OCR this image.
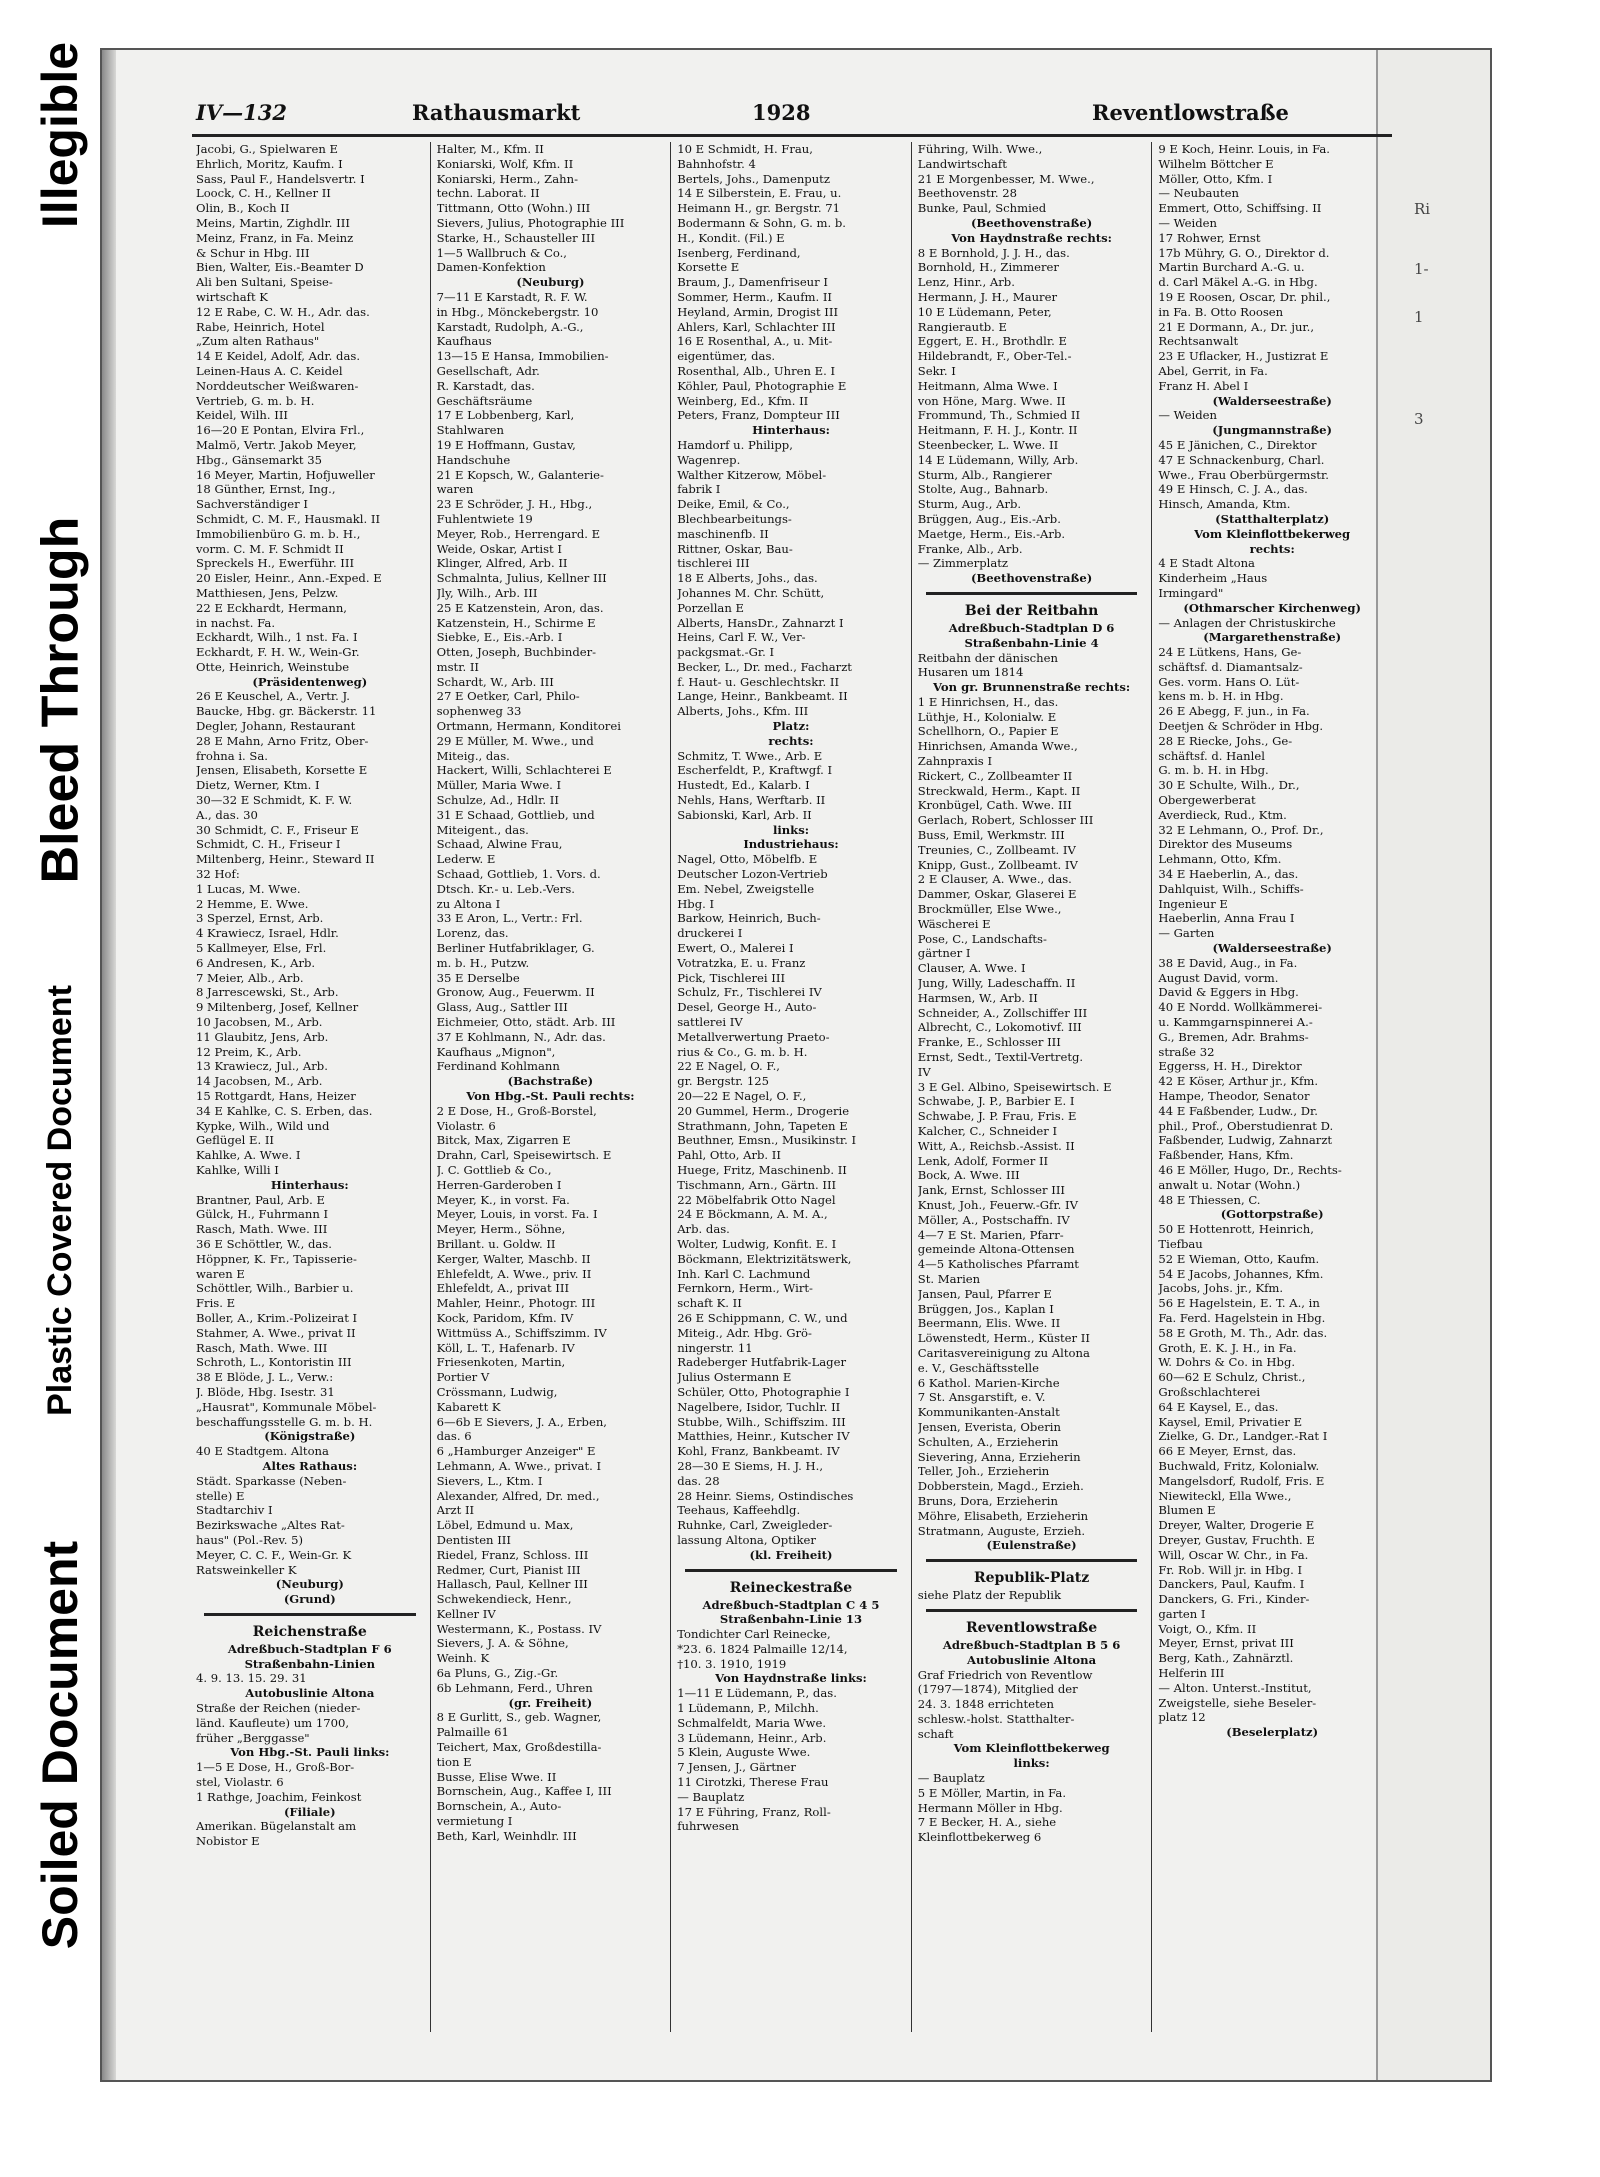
Illegible
Bleed Through
Plastic Covered Document
Soiled Document
Ri
1-
1
3
IV—132	Rathausmarkt	1928	Reventlowstraße
Jacobi, G., Spielwaren E
Ehrlich, Moritz, Kaufm. I
Sass, Paul F., Handelsvertr. I
Loock, C. H., Kellner II
Olin, B., Koch II
Meins, Martin, Zighdlr. III
Meinz, Franz, in Fa. Meinz
& Schur in Hbg. III
Bien, Walter, Eis.-Beamter D
Ali ben Sultani, Speise-
wirtschaft K
12 E Rabe, C. W. H., Adr. das.
Rabe, Heinrich, Hotel
„Zum alten Rathaus"
14 E Keidel, Adolf, Adr. das.
Leinen-Haus A. C. Keidel
Norddeutscher Weißwaren-
Vertrieb, G. m. b. H.
Keidel, Wilh. III
16—20 E Pontan, Elvira Frl.,
Malmö, Vertr. Jakob Meyer,
Hbg., Gänsemarkt 35
16 Meyer, Martin, Hofjuweller
18 Günther, Ernst, Ing.,
Sachverständiger I
Schmidt, C. M. F., Hausmakl. II
Immobilienbüro G. m. b. H.,
vorm. C. M. F. Schmidt II
Spreckels H., Ewerführ. III
20 Eisler, Heinr., Ann.-Exped. E
Matthiesen, Jens, Pelzw.
22 E Eckhardt, Hermann,
in nachst. Fa.
Eckhardt, Wilh., 1 nst. Fa. I
Eckhardt, F. H. W., Wein-Gr.
Otte, Heinrich, Weinstube
(Präsidentenweg)
26 E Keuschel, A., Vertr. J.
Baucke, Hbg. gr. Bäckerstr. 11
Degler, Johann, Restaurant
28 E Mahn, Arno Fritz, Ober-
frohna i. Sa.
Jensen, Elisabeth, Korsette E
Dietz, Werner, Ktm. I
30—32 E Schmidt, K. F. W.
A., das. 30
30 Schmidt, C. F., Friseur E
Schmidt, C. H., Friseur I
Miltenberg, Heinr., Steward II
32 Hof:
1 Lucas, M. Wwe.
2 Hemme, E. Wwe.
3 Sperzel, Ernst, Arb.
4 Krawiecz, Israel, Hdlr.
5 Kallmeyer, Else, Frl.
6 Andresen, K., Arb.
7 Meier, Alb., Arb.
8 Jarrescewski, St., Arb.
9 Miltenberg, Josef, Kellner
10 Jacobsen, M., Arb.
11 Glaubitz, Jens, Arb.
12 Preim, K., Arb.
13 Krawiecz, Jul., Arb.
14 Jacobsen, M., Arb.
15 Rottgardt, Hans, Heizer
34 E Kahlke, C. S. Erben, das.
Kypke, Wilh., Wild und
Geflügel E. II
Kahlke, A. Wwe. I
Kahlke, Willi I
Hinterhaus:
Brantner, Paul, Arb. E
Gülck, H., Fuhrmann I
Rasch, Math. Wwe. III
36 E Schöttler, W., das.
Höppner, K. Fr., Tapisserie-
waren E
Schöttler, Wilh., Barbier u.
Fris. E
Boller, A., Krim.-Polizeirat I
Stahmer, A. Wwe., privat II
Rasch, Math. Wwe. III
Schroth, L., Kontoristin III
38 E Blöde, J. L., Verw.:
J. Blöde, Hbg. Isestr. 31
„Hausrat", Kommunale Möbel-
beschaffungsstelle G. m. b. H.
(Königstraße)
40 E Stadtgem. Altona
Altes Rathaus:
Städt. Sparkasse (Neben-
stelle) E
Stadtarchiv I
Bezirkswache „Altes Rat-
haus" (Pol.-Rev. 5)
Meyer, C. C. F., Wein-Gr. K
Ratsweinkeller K
(Neuburg)
(Grund)
Reichenstraße
Adreßbuch-Stadtplan F 6
Straßenbahn-Linien
4. 9. 13. 15. 29. 31
Autobuslinie Altona
Straße der Reichen (nieder-
länd. Kaufleute) um 1700,
früher „Berggasse"
Von Hbg.-St. Pauli links:
1—5 E Dose, H., Groß-Bor-
stel, Violastr. 6
1 Rathge, Joachim, Feinkost
(Filiale)
Amerikan. Bügelanstalt am
Nobistor E
Halter, M., Kfm. II
Koniarski, Wolf, Kfm. II
Koniarski, Herm., Zahn-
techn. Laborat. II
Tittmann, Otto (Wohn.) III
Sievers, Julius, Photographie III
Starke, H., Schausteller III
1—5 Wallbruch & Co.,
Damen-Konfektion
(Neuburg)
7—11 E Karstadt, R. F. W.
in Hbg., Mönckebergstr. 10
Karstadt, Rudolph, A.-G.,
Kaufhaus
13—15 E Hansa, Immobilien-
Gesellschaft, Adr.
R. Karstadt, das.
Geschäftsräume
17 E Lobbenberg, Karl,
Stahlwaren
19 E Hoffmann, Gustav,
Handschuhe
21 E Kopsch, W., Galanterie-
waren
23 E Schröder, J. H., Hbg.,
Fuhlentwiete 19
Meyer, Rob., Herrengard. E
Weide, Oskar, Artist I
Klinger, Alfred, Arb. II
Schmalnta, Julius, Kellner III
Jly, Wilh., Arb. III
25 E Katzenstein, Aron, das.
Katzenstein, H., Schirme E
Siebke, E., Eis.-Arb. I
Otten, Joseph, Buchbinder-
mstr. II
Schardt, W., Arb. III
27 E Oetker, Carl, Philo-
sophenweg 33
Ortmann, Hermann, Konditorei
29 E Müller, M. Wwe., und
Miteig., das.
Hackert, Willi, Schlachterei E
Müller, Maria Wwe. I
Schulze, Ad., Hdlr. II
31 E Schaad, Gottlieb, und
Miteigent., das.
Schaad, Alwine Frau,
Lederw. E
Schaad, Gottlieb, 1. Vors. d.
Dtsch. Kr.- u. Leb.-Vers.
zu Altona I
33 E Aron, L., Vertr.: Frl.
Lorenz, das.
Berliner Hutfabriklager, G.
m. b. H., Putzw.
35 E Derselbe
Gronow, Aug., Feuerwm. II
Glass, Aug., Sattler III
Eichmeier, Otto, städt. Arb. III
37 E Kohlmann, N., Adr. das.
Kaufhaus „Mignon",
Ferdinand Kohlmann
(Bachstraße)
Von Hbg.-St. Pauli rechts:
2 E Dose, H., Groß-Borstel,
Violastr. 6
Bitck, Max, Zigarren E
Drahn, Carl, Speisewirtsch. E
J. C. Gottlieb & Co.,
Herren-Garderoben I
Meyer, K., in vorst. Fa.
Meyer, Louis, in vorst. Fa. I
Meyer, Herm., Söhne,
Brillant. u. Goldw. II
Kerger, Walter, Maschb. II
Ehlefeldt, A. Wwe., priv. II
Ehlefeldt, A., privat III
Mahler, Heinr., Photogr. III
Kock, Paridom, Kfm. IV
Wittmüss A., Schiffszimm. IV
Köll, L. T., Hafenarb. IV
Friesenkoten, Martin,
Portier V
Crössmann, Ludwig,
Kabarett K
6—6b E Sievers, J. A., Erben,
das. 6
6 „Hamburger Anzeiger" E
Lehmann, A. Wwe., privat. I
Sievers, L., Ktm. I
Alexander, Alfred, Dr. med.,
Arzt II
Löbel, Edmund u. Max,
Dentisten III
Riedel, Franz, Schloss. III
Redmer, Curt, Pianist III
Hallasch, Paul, Kellner III
Schwekendieck, Henr.,
Kellner IV
Westermann, K., Postass. IV
Sievers, J. A. & Söhne,
Weinh. K
6a Pluns, G., Zig.-Gr.
6b Lehmann, Ferd., Uhren
(gr. Freiheit)
8 E Gurlitt, S., geb. Wagner,
Palmaille 61
Teichert, Max, Großdestilla-
tion E
Busse, Elise Wwe. II
Bornschein, Aug., Kaffee I, III
Bornschein, A., Auto-
vermietung I
Beth, Karl, Weinhdlr. III
10 E Schmidt, H. Frau,
Bahnhofstr. 4
Bertels, Johs., Damenputz
14 E Silberstein, E. Frau, u.
Heimann H., gr. Bergstr. 71
Bodermann & Sohn, G. m. b.
H., Kondit. (Fil.) E
Isenberg, Ferdinand,
Korsette E
Braum, J., Damenfriseur I
Sommer, Herm., Kaufm. II
Heyland, Armin, Drogist III
Ahlers, Karl, Schlachter III
16 E Rosenthal, A., u. Mit-
eigentümer, das.
Rosenthal, Alb., Uhren E. I
Köhler, Paul, Photographie E
Weinberg, Ed., Kfm. II
Peters, Franz, Dompteur III
Hinterhaus:
Hamdorf u. Philipp,
Wagenrep.
Walther Kitzerow, Möbel-
fabrik I
Deike, Emil, & Co.,
Blechbearbeitungs-
maschinenfb. II
Rittner, Oskar, Bau-
tischlerei III
18 E Alberts, Johs., das.
Johannes M. Chr. Schütt,
Porzellan E
Alberts, HansDr., Zahnarzt I
Heins, Carl F. W., Ver-
packgsmat.-Gr. I
Becker, L., Dr. med., Facharzt
f. Haut- u. Geschlechtskr. II
Lange, Heinr., Bankbeamt. II
Alberts, Johs., Kfm. III
Platz:
rechts:
Schmitz, T. Wwe., Arb. E
Escherfeldt, P., Kraftwgf. I
Hustedt, Ed., Kalarb. I
Nehls, Hans, Werftarb. II
Sabionski, Karl, Arb. II
links:
Industriehaus:
Nagel, Otto, Möbelfb. E
Deutscher Lozon-Vertrieb
Em. Nebel, Zweigstelle
Hbg. I
Barkow, Heinrich, Buch-
druckerei I
Ewert, O., Malerei I
Votratzka, E. u. Franz
Pick, Tischlerei III
Schulz, Fr., Tischlerei IV
Desel, George H., Auto-
sattlerei IV
Metallverwertung Praeto-
rius & Co., G. m. b. H.
22 E Nagel, O. F.,
gr. Bergstr. 125
20—22 E Nagel, O. F.,
20 Gummel, Herm., Drogerie
Strathmann, John, Tapeten E
Beuthner, Emsn., Musikinstr. I
Pahl, Otto, Arb. II
Huege, Fritz, Maschinenb. II
Tischmann, Arn., Gärtn. III
22 Möbelfabrik Otto Nagel
24 E Böckmann, A. M. A.,
Arb. das.
Wolter, Ludwig, Konfit. E. I
Böckmann, Elektrizitätswerk,
Inh. Karl C. Lachmund
Fernkorn, Herm., Wirt-
schaft K. II
26 E Schippmann, C. W., und
Miteig., Adr. Hbg. Grö-
ningerstr. 11
Radeberger Hutfabrik-Lager
Julius Ostermann E
Schüler, Otto, Photographie I
Nagelbere, Isidor, Tuchlr. II
Stubbe, Wilh., Schiffszim. III
Matthies, Heinr., Kutscher IV
Kohl, Franz, Bankbeamt. IV
28—30 E Siems, H. J. H.,
das. 28
28 Heinr. Siems, Ostindisches
Teehaus, Kaffeehdlg.
Ruhnke, Carl, Zweigleder-
lassung Altona, Optiker
(kl. Freiheit)
Reineckestraße
Adreßbuch-Stadtplan C 4 5
Straßenbahn-Linie 13
Tondichter Carl Reinecke,
*23. 6. 1824 Palmaille 12/14,
†10. 3. 1910, 1919
Von Haydnstraße links:
1—11 E Lüdemann, P., das.
1 Lüdemann, P., Milchh.
Schmalfeldt, Maria Wwe.
3 Lüdemann, Heinr., Arb.
5 Klein, Auguste Wwe.
7 Jensen, J., Gärtner
11 Cirotzki, Therese Frau
— Bauplatz
17 E Führing, Franz, Roll-
fuhrwesen
Führing, Wilh. Wwe.,
Landwirtschaft
21 E Morgenbesser, M. Wwe.,
Beethovenstr. 28
Bunke, Paul, Schmied
(Beethovenstraße)
Von Haydnstraße rechts:
8 E Bornhold, J. J. H., das.
Bornhold, H., Zimmerer
Lenz, Hinr., Arb.
Hermann, J. H., Maurer
10 E Lüdemann, Peter,
Rangierautb. E
Eggert, E. H., Brothdlr. E
Hildebrandt, F., Ober-Tel.-
Sekr. I
Heitmann, Alma Wwe. I
von Höne, Marg. Wwe. II
Frommund, Th., Schmied II
Heitmann, F. H. J., Kontr. II
Steenbecker, L. Wwe. II
14 E Lüdemann, Willy, Arb.
Sturm, Alb., Rangierer
Stolte, Aug., Bahnarb.
Sturm, Aug., Arb.
Brüggen, Aug., Eis.-Arb.
Maetge, Herm., Eis.-Arb.
Franke, Alb., Arb.
— Zimmerplatz
(Beethovenstraße)
Bei der Reitbahn
Adreßbuch-Stadtplan D 6
Straßenbahn-Linie 4
Reitbahn der dänischen
Husaren um 1814
Von gr. Brunnenstraße rechts:
1 E Hinrichsen, H., das.
Lüthje, H., Kolonialw. E
Schellhorn, O., Papier E
Hinrichsen, Amanda Wwe.,
Zahnpraxis I
Rickert, C., Zollbeamter II
Streckwald, Herm., Kapt. II
Kronbügel, Cath. Wwe. III
Gerlach, Robert, Schlosser III
Buss, Emil, Werkmstr. III
Treunies, C., Zollbeamt. IV
Knipp, Gust., Zollbeamt. IV
2 E Clauser, A. Wwe., das.
Dammer, Oskar, Glaserei E
Brockmüller, Else Wwe.,
Wäscherei E
Pose, C., Landschafts-
gärtner I
Clauser, A. Wwe. I
Jung, Willy, Ladeschaffn. II
Harmsen, W., Arb. II
Schneider, A., Zollschiffer III
Albrecht, C., Lokomotivf. III
Franke, E., Schlosser III
Ernst, Sedt., Textil-Vertretg.
IV
3 E Gel. Albino, Speisewirtsch. E
Schwabe, J. P., Barbier E. I
Schwabe, J. P. Frau, Fris. E
Kalcher, C., Schneider I
Witt, A., Reichsb.-Assist. II
Lenk, Adolf, Former II
Bock, A. Wwe. III
Jank, Ernst, Schlosser III
Knust, Joh., Feuerw.-Gfr. IV
Möller, A., Postschaffn. IV
4—7 E St. Marien, Pfarr-
gemeinde Altona-Ottensen
4—5 Katholisches Pfarramt
St. Marien
Jansen, Paul, Pfarrer E
Brüggen, Jos., Kaplan I
Beermann, Elis. Wwe. II
Löwenstedt, Herm., Küster II
Caritasvereinigung zu Altona
e. V., Geschäftsstelle
6 Kathol. Marien-Kirche
7 St. Ansgarstift, e. V.
Kommunikanten-Anstalt
Jensen, Everista, Oberin
Schulten, A., Erzieherin
Sievering, Anna, Erzieherin
Teller, Joh., Erzieherin
Dobberstein, Magd., Erzieh.
Bruns, Dora, Erzieherin
Möhre, Elisabeth, Erzieherin
Stratmann, Auguste, Erzieh.
(Eulenstraße)
Republik-Platz
siehe Platz der Republik
Reventlowstraße
Adreßbuch-Stadtplan B 5 6
Autobuslinie Altona
Graf Friedrich von Reventlow
(1797—1874), Mitglied der
24. 3. 1848 errichteten
schlesw.-holst. Statthalter-
schaft
Vom Kleinflottbekerweg
links:
— Bauplatz
5 E Möller, Martin, in Fa.
Hermann Möller in Hbg.
7 E Becker, H. A., siehe
Kleinflottbekerweg 6
9 E Koch, Heinr. Louis, in Fa.
Wilhelm Böttcher E
Möller, Otto, Kfm. I
— Neubauten
Emmert, Otto, Schiffsing. II
— Weiden
17 Rohwer, Ernst
17b Mühry, G. O., Direktor d.
Martin Burchard A.-G. u.
d. Carl Mäkel A.-G. in Hbg.
19 E Roosen, Oscar, Dr. phil.,
in Fa. B. Otto Roosen
21 E Dormann, A., Dr. jur.,
Rechtsanwalt
23 E Uflacker, H., Justizrat E
Abel, Gerrit, in Fa.
Franz H. Abel I
(Walderseestraße)
— Weiden
(Jungmannstraße)
45 E Jänichen, C., Direktor
47 E Schnackenburg, Charl.
Wwe., Frau Oberbürgermstr.
49 E Hinsch, C. J. A., das.
Hinsch, Amanda, Ktm.
(Statthalterplatz)
Vom Kleinflottbekerweg
rechts:
4 E Stadt Altona
Kinderheim „Haus
Irmingard"
(Othmarscher Kirchenweg)
— Anlagen der Christuskirche
(Margarethenstraße)
24 E Lütkens, Hans, Ge-
schäftsf. d. Diamantsalz-
Ges. vorm. Hans O. Lüt-
kens m. b. H. in Hbg.
26 E Abegg, F. jun., in Fa.
Deetjen & Schröder in Hbg.
28 E Riecke, Johs., Ge-
schäftsf. d. Hanlel
G. m. b. H. in Hbg.
30 E Schulte, Wilh., Dr.,
Obergewerberat
Averdieck, Rud., Ktm.
32 E Lehmann, O., Prof. Dr.,
Direktor des Museums
Lehmann, Otto, Kfm.
34 E Haeberlin, A., das.
Dahlquist, Wilh., Schiffs-
Ingenieur E
Haeberlin, Anna Frau I
— Garten
(Walderseestraße)
38 E David, Aug., in Fa.
August David, vorm.
David & Eggers in Hbg.
40 E Nordd. Wollkämmerei-
u. Kammgarnspinnerei A.-
G., Bremen, Adr. Brahms-
straße 32
Eggerss, H. H., Direktor
42 E Köser, Arthur jr., Kfm.
Hampe, Theodor, Senator
44 E Faßbender, Ludw., Dr.
phil., Prof., Oberstudienrat D.
Faßbender, Ludwig, Zahnarzt
Faßbender, Hans, Kfm.
46 E Möller, Hugo, Dr., Rechts-
anwalt u. Notar (Wohn.)
48 E Thiessen, C.
(Gottorpstraße)
50 E Hottenrott, Heinrich,
Tiefbau
52 E Wieman, Otto, Kaufm.
54 E Jacobs, Johannes, Kfm.
Jacobs, Johs. jr., Kfm.
56 E Hagelstein, E. T. A., in
Fa. Ferd. Hagelstein in Hbg.
58 E Groth, M. Th., Adr. das.
Groth, E. K. J. H., in Fa.
W. Dohrs & Co. in Hbg.
60—62 E Schulz, Christ.,
Großschlachterei
64 E Kaysel, E., das.
Kaysel, Emil, Privatier E
Zielke, G. Dr., Landger.-Rat I
66 E Meyer, Ernst, das.
Buchwald, Fritz, Kolonialw.
Mangelsdorf, Rudolf, Fris. E
Niewiteckl, Ella Wwe.,
Blumen E
Dreyer, Walter, Drogerie E
Dreyer, Gustav, Fruchth. E
Will, Oscar W. Chr., in Fa.
Fr. Rob. Will jr. in Hbg. I
Danckers, Paul, Kaufm. I
Danckers, G. Fri., Kinder-
garten I
Voigt, O., Kfm. II
Meyer, Ernst, privat III
Berg, Kath., Zahnärztl.
Helferin III
— Alton. Unterst.-Institut,
Zweigstelle, siehe Beseler-
platz 12
(Beselerplatz)
